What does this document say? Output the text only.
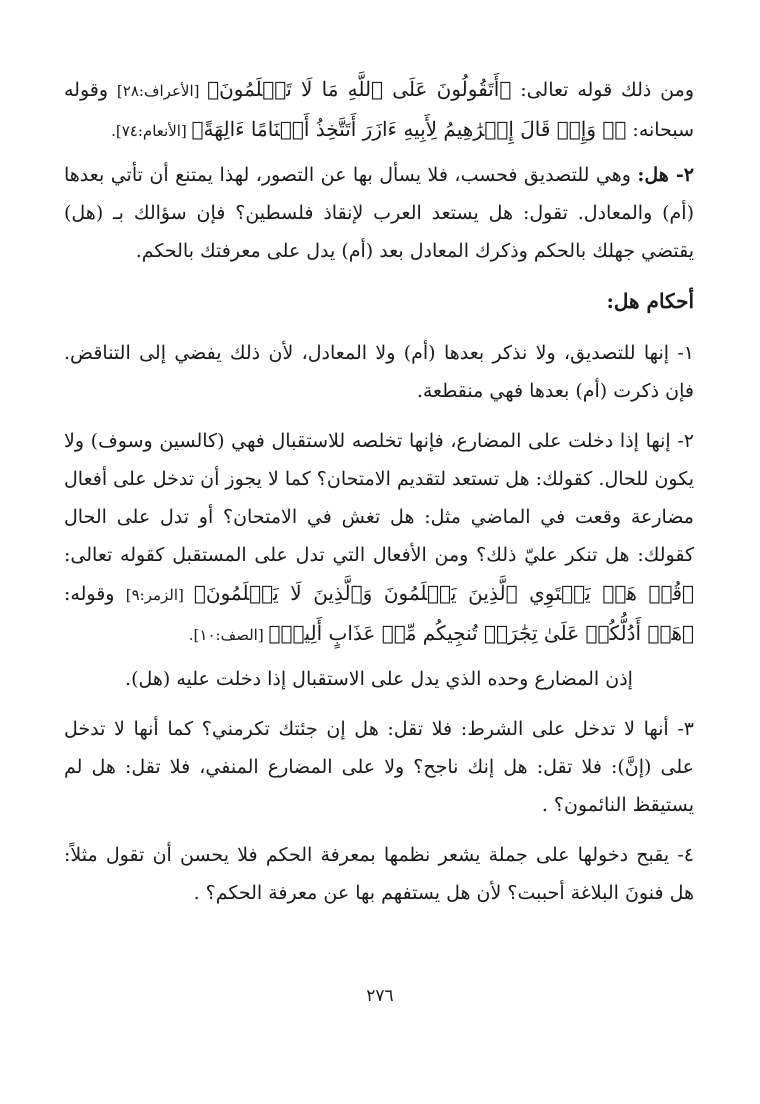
ومن ذلك قوله تعالى: ﴿أَتَقُولُونَ عَلَى ٱللَّهِ مَا لَا تَعۡلَمُونَ﴾ [الأعراف:٢٨] وقوله سبحانه: ﴿۞ وَإِذۡ قَالَ إِبۡرَٰهِيمُ لِأَبِيهِ ءَازَرَ أَتَتَّخِذُ أَصۡنَامًا ءَالِهَةً﴾ [الأنعام:٧٤].

٢- هل: وهي للتصديق فحسب، فلا يسأل بها عن التصور، لهذا يمتنع أن تأتي بعدها (أم) والمعادل. تقول: هل يستعد العرب لإنقاذ فلسطين؟ فإن سؤالك بـ (هل) يقتضي جهلك بالحكم وذكرك المعادل بعد (أم) يدل على معرفتك بالحكم.

أحكام هل:

١- إنها للتصديق، ولا نذكر بعدها (أم) ولا المعادل، لأن ذلك يفضي إلى التناقض. فإن ذكرت (أم) بعدها فهي منقطعة.

٢- إنها إذا دخلت على المضارع، فإنها تخلصه للاستقبال فهي (كالسين وسوف) ولا يكون للحال. كقولك: هل تستعد لتقديم الامتحان؟ كما لا يجوز أن تدخل على أفعال مضارعة وقعت في الماضي مثل: هل تغش في الامتحان؟ أو تدل على الحال كقولك: هل تنكر عليّ ذلك؟ ومن الأفعال التي تدل على المستقبل كقوله تعالى: ﴿قُلۡ هَلۡ يَسۡتَوِي ٱلَّذِينَ يَعۡلَمُونَ وَٱلَّذِينَ لَا يَعۡلَمُونَ﴾ [الزمر:٩] وقوله: ﴿هَلۡ أَدُلُّكُمۡ عَلَىٰ تِجَٰرَةٖ تُنجِيكُم مِّنۡ عَذَابٍ أَلِيمٖ﴾ [الصف:١٠].

إذن المضارع وحده الذي يدل على الاستقبال إذا دخلت عليه (هل).

٣- أنها لا تدخل على الشرط: فلا تقل: هل إن جئتك تكرمني؟ كما أنها لا تدخل على (إنَّ): فلا تقل: هل إنك ناجح؟ ولا على المضارع المنفي، فلا تقل: هل لم يستيقظ النائمون؟ .

٤- يقبح دخولها على جملة يشعر نظمها بمعرفة الحكم فلا يحسن أن تقول مثلاً: هل فنونَ البلاغة أحببت؟ لأن هل يستفهم بها عن معرفة الحكم؟ .

٢٧٦
